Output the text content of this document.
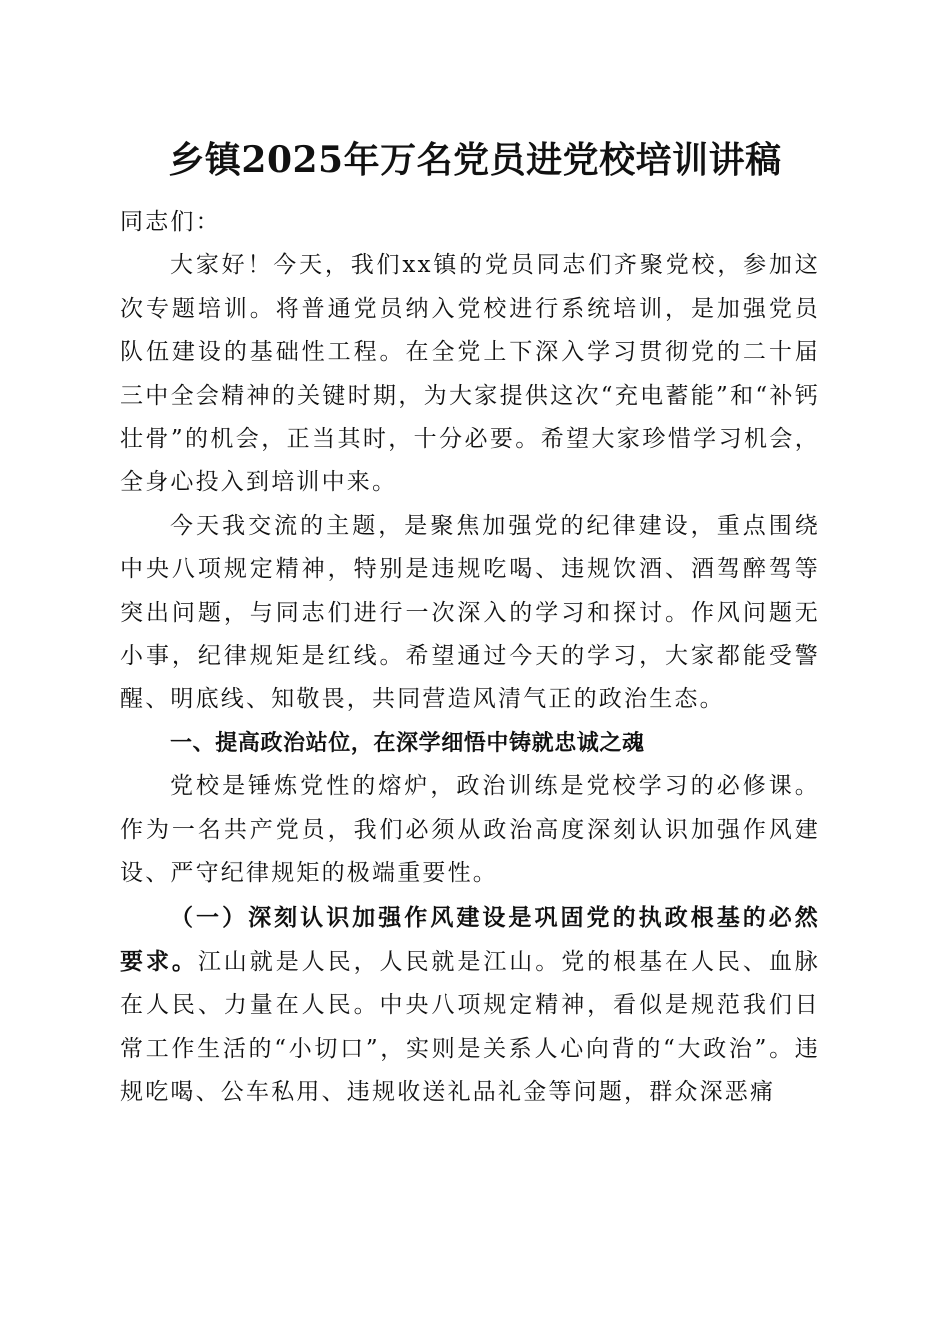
乡镇2025年万名党员进党校培训讲稿

同志们：

大家好！今天，我们xx镇的党员同志们齐聚党校，参加这次专题培训。将普通党员纳入党校进行系统培训，是加强党员队伍建设的基础性工程。在全党上下深入学习贯彻党的二十届三中全会精神的关键时期，为大家提供这次“充电蓄能”和“补钙壮骨”的机会，正当其时，十分必要。希望大家珍惜学习机会，全身心投入到培训中来。

今天我交流的主题，是聚焦加强党的纪律建设，重点围绕中央八项规定精神，特别是违规吃喝、违规饮酒、酒驾醉驾等突出问题，与同志们进行一次深入的学习和探讨。作风问题无小事，纪律规矩是红线。希望通过今天的学习，大家都能受警醒、明底线、知敬畏，共同营造风清气正的政治生态。

一、提高政治站位，在深学细悟中铸就忠诚之魂

党校是锤炼党性的熔炉，政治训练是党校学习的必修课。作为一名共产党员，我们必须从政治高度深刻认识加强作风建设、严守纪律规矩的极端重要性。

（一）深刻认识加强作风建设是巩固党的执政根基的必然要求。江山就是人民，人民就是江山。党的根基在人民、血脉在人民、力量在人民。中央八项规定精神，看似是规范我们日常工作生活的“小切口”，实则是关系人心向背的“大政治”。违规吃喝、公车私用、违规收送礼品礼金等问题，群众深恶痛
